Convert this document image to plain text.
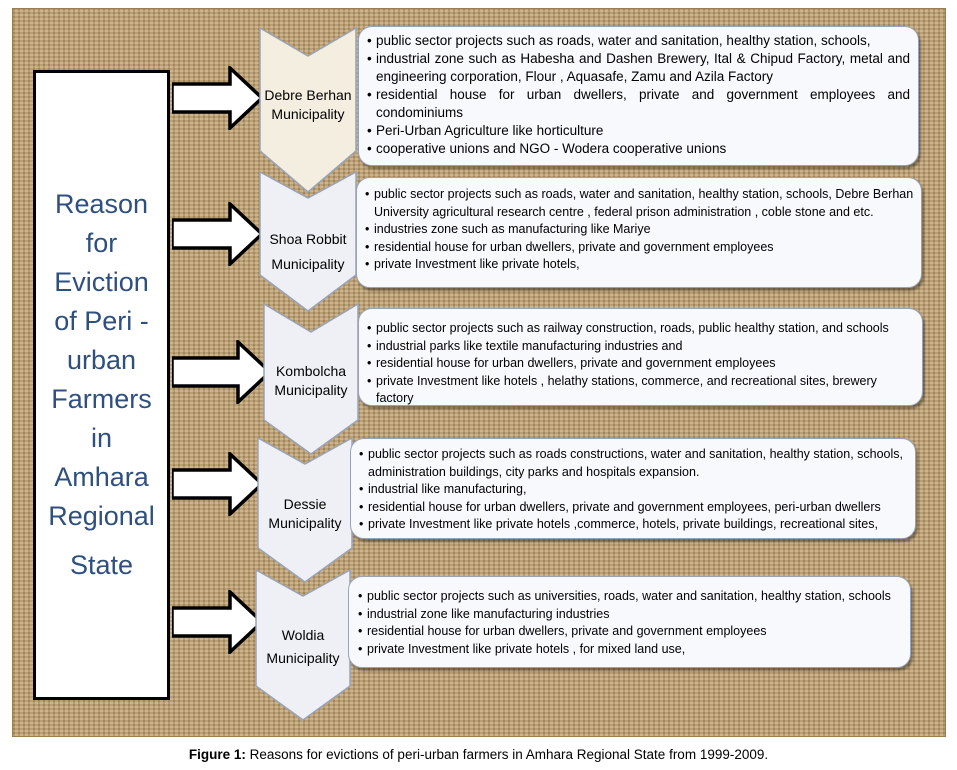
Reason
for
Eviction
of Peri -
urban
Farmers
in
Amhara
Regional
State
Debre Berhan
Municipality
Shoa Robbit
Municipality
Kombolcha
Municipality
Dessie
Municipality
Woldia
Municipality
• public sector projects such as roads, water and sanitation, healthy station, schools,
• industrial zone such as Habesha and Dashen Brewery, Ital & Chipud Factory, metal and engineering corporation, Flour , Aquasafe, Zamu and Azila Factory
• residential house for urban dwellers, private and government employees and condominiums
• Peri-Urban Agriculture like horticulture
• cooperative unions and NGO - Wodera cooperative unions
• public sector projects such as roads, water and sanitation, healthy station, schools, Debre Berhan University agricultural research centre , federal prison administration , coble stone and etc.
• industries zone such as manufacturing like Mariye
• residential house for urban dwellers, private and government employees
• private Investment like private hotels,
• public sector projects such as railway construction, roads, public healthy station, and schools
• industrial parks like textile manufacturing industries and
• residential house for urban dwellers, private and government employees
• private Investment like hotels , helathy stations, commerce, and recreational sites, brewery factory
• public sector projects such as roads constructions, water and sanitation, healthy station, schools, administration buildings, city parks and hospitals expansion.
• industrial like manufacturing,
• residential house for urban dwellers, private and government employees, peri-urban dwellers
• private Investment like private hotels ,commerce, hotels, private buildings, recreational sites,
• public sector projects such as universities, roads, water and sanitation, healthy station, schools
• industrial zone like manufacturing industries
• residential house for urban dwellers, private and government employees
• private Investment like private hotels , for mixed land use,
Figure 1: Reasons for evictions of peri-urban farmers in Amhara Regional State from 1999-2009.
